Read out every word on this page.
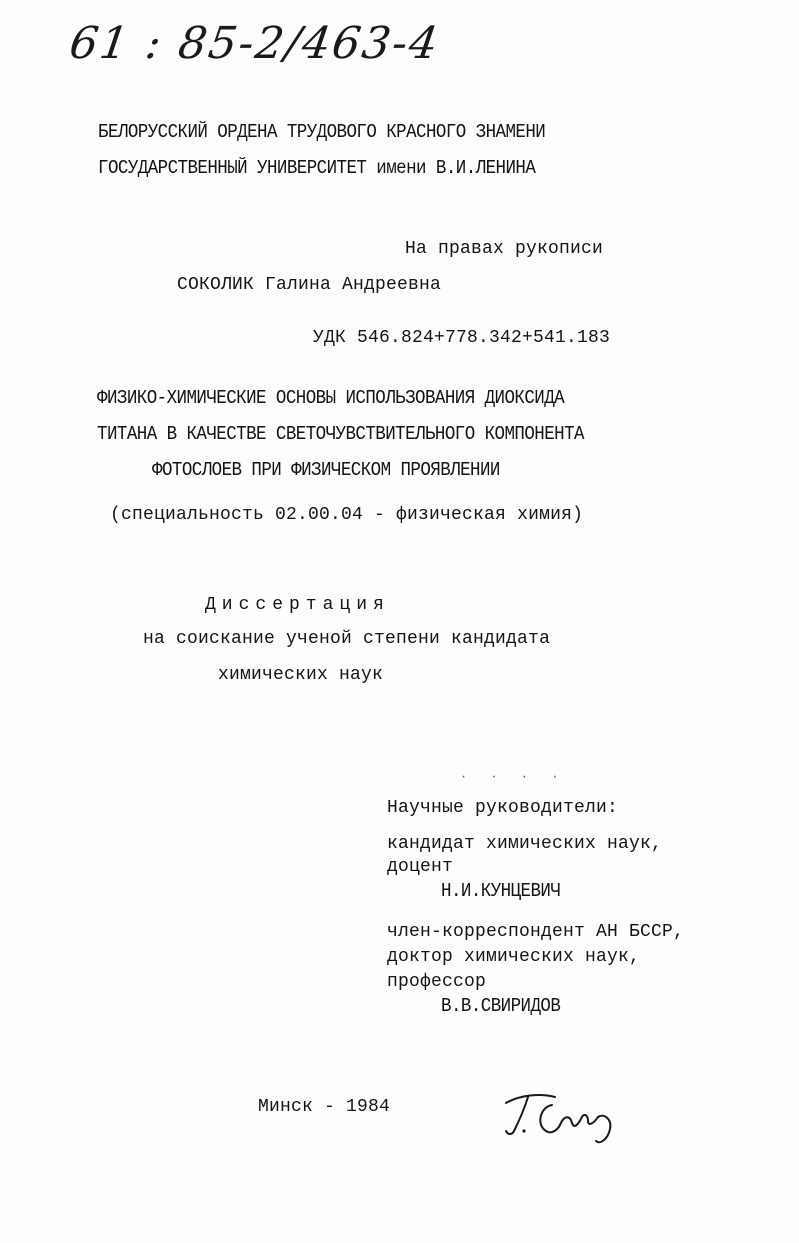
61 : 85-2/463-4
БЕЛОРУССКИЙ ОРДЕНА ТРУДОВОГО КРАСНОГО ЗНАМЕНИ
ГОСУДАРСТВЕННЫЙ УНИВЕРСИТЕТ имени В.И.ЛЕНИНА
На правах рукописи
СОКОЛИК Галина Андреевна
УДК 546.824+778.342+541.183
ФИЗИКО-ХИМИЧЕСКИЕ ОСНОВЫ ИСПОЛЬЗОВАНИЯ ДИОКСИДА
ТИТАНА В КАЧЕСТВЕ СВЕТОЧУВСТВИТЕЛЬНОГО КОМПОНЕНТА
ФОТОСЛОЕВ ПРИ ФИЗИЧЕСКОМ ПРОЯВЛЕНИИ
(специальность 02.00.04 - физическая химия)
Диссертация
на соискание ученой степени кандидата
химических наук
· · · ·
Научные руководители:
кандидат химических наук,
доцент
Н.И.КУНЦЕВИЧ
член-корреспондент АН БССР,
доктор химических наук,
профессор
В.В.СВИРИДОВ
Минск - 1984
